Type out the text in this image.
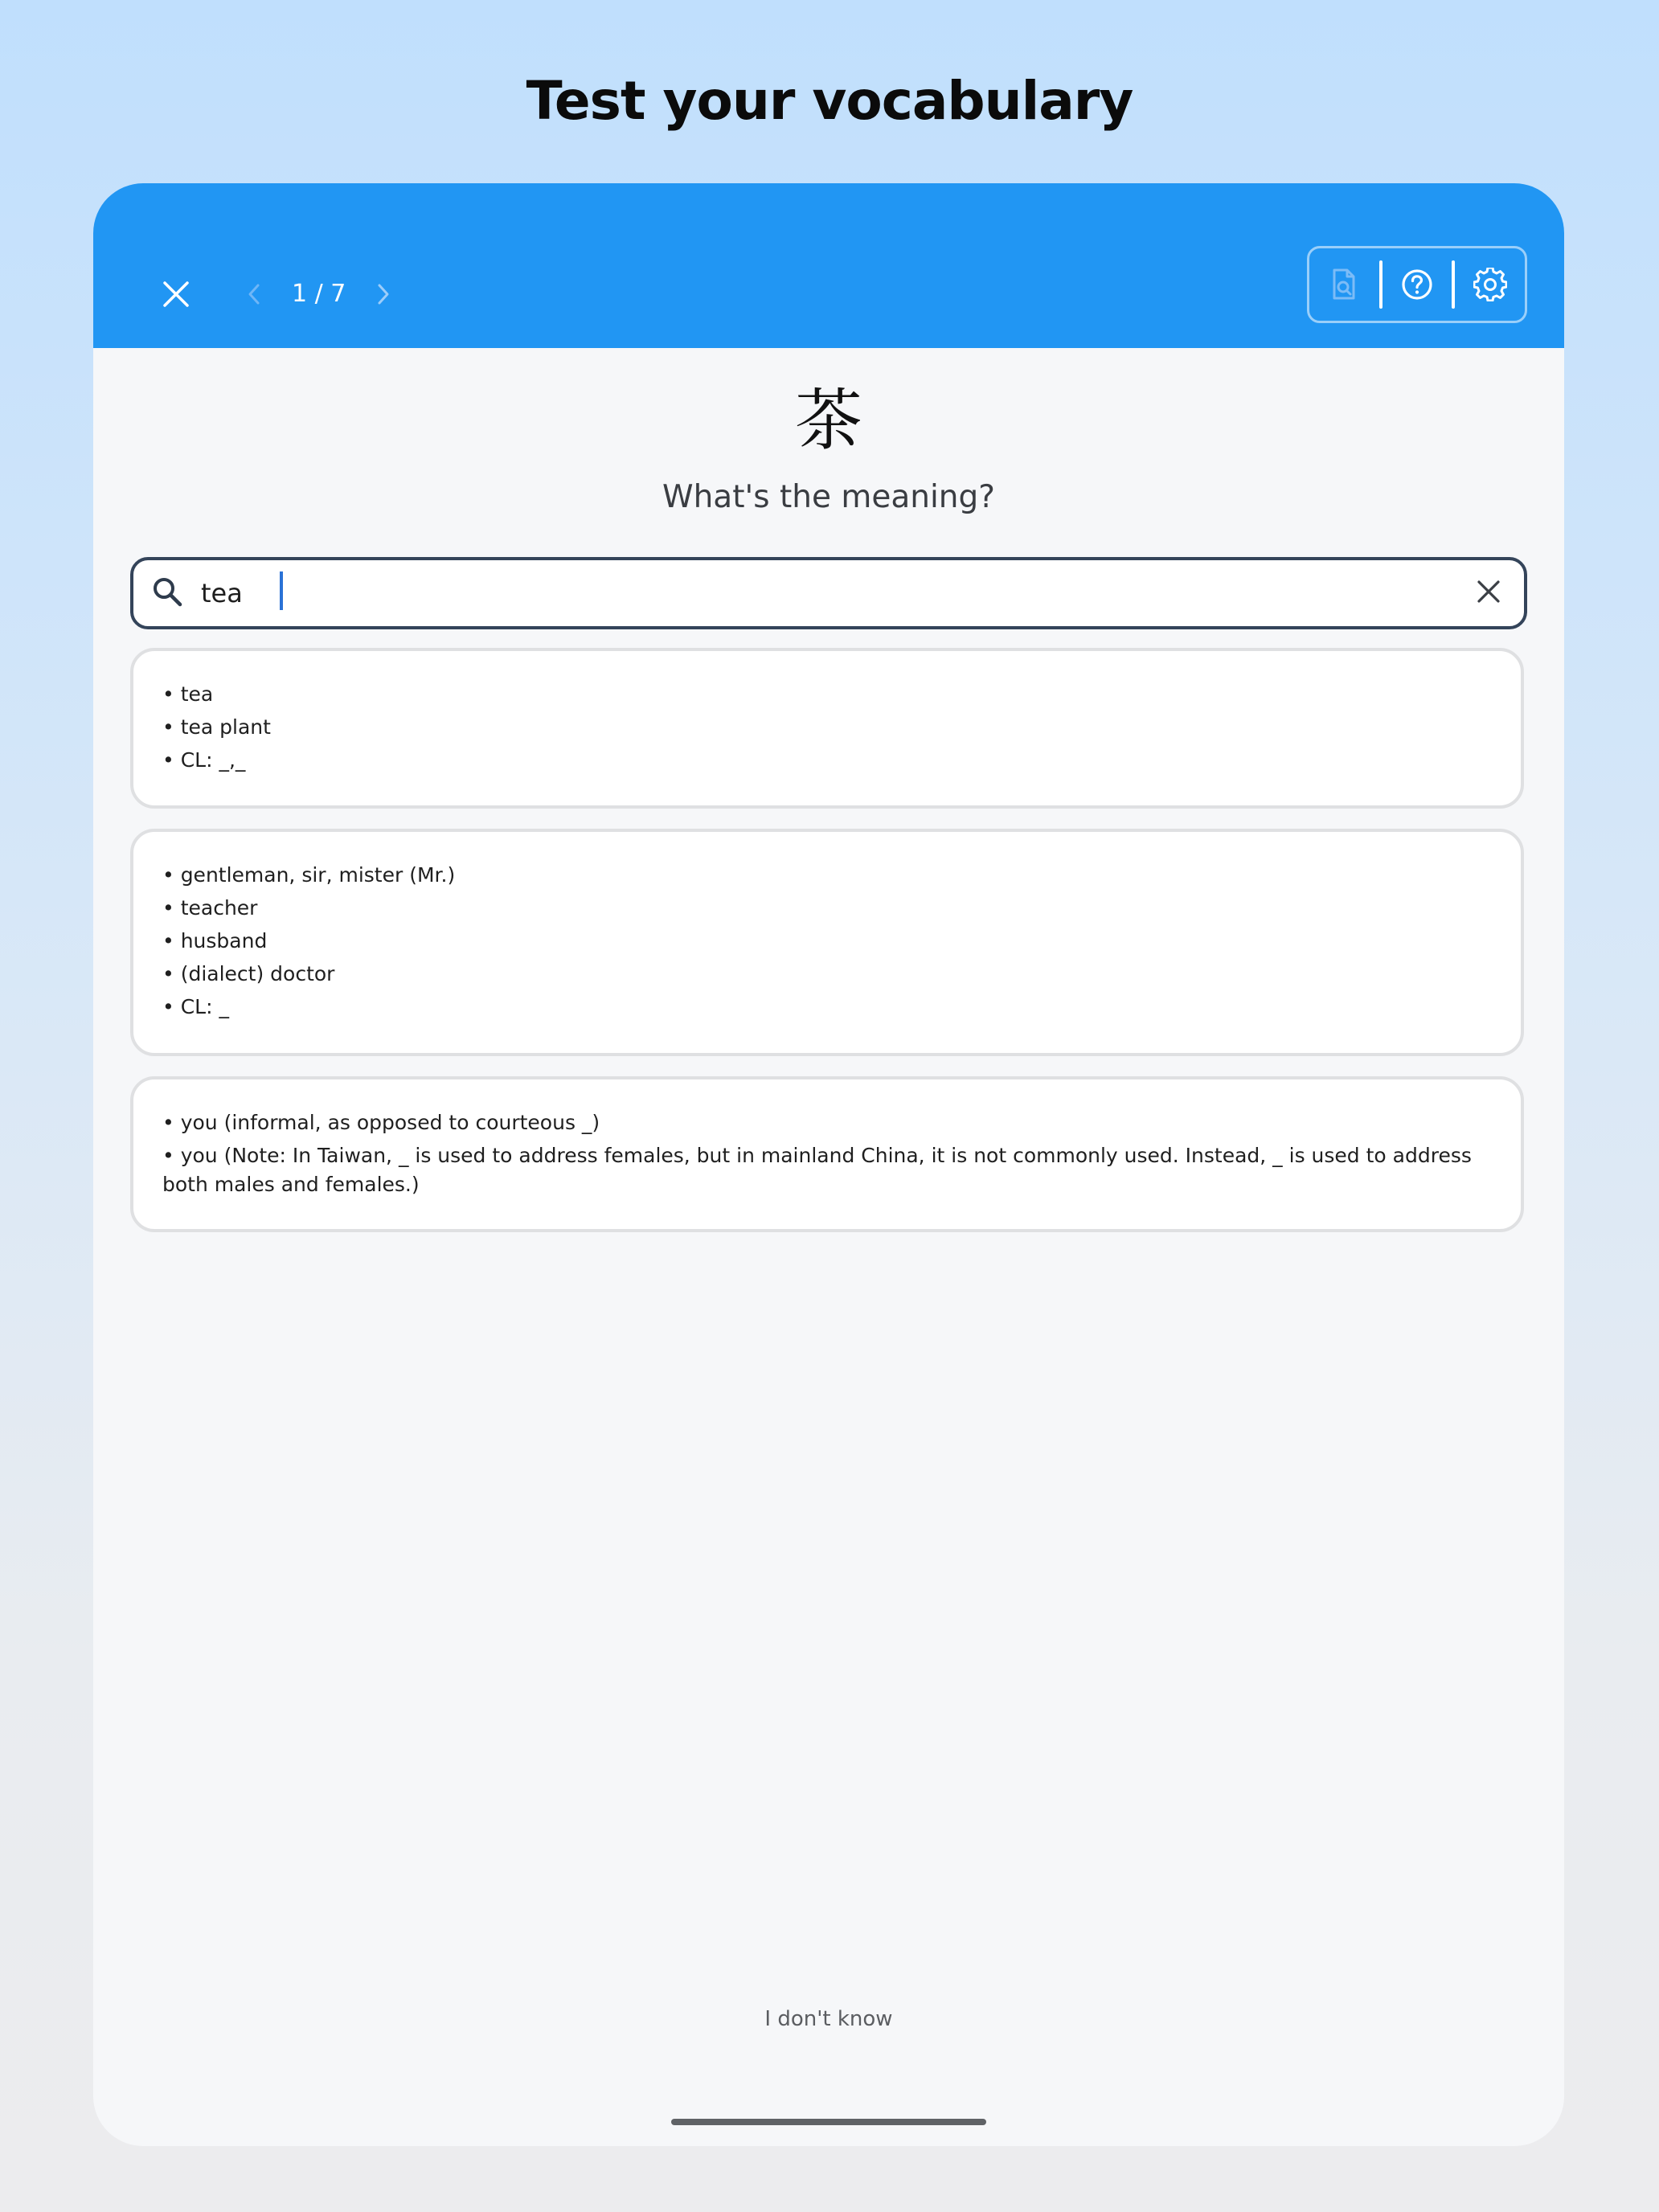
Test your vocabulary
1 / 7
茶
What's the meaning?
tea
• tea
• tea plant
• CL: _,_
• gentleman, sir, mister (Mr.)
• teacher
• husband
• (dialect) doctor
• CL: _
• you (informal, as opposed to courteous _)
• you (Note: In Taiwan, _ is used to address females, but in mainland China, it is not commonly used. Instead, _ is used to address both males and females.)
I don't know
